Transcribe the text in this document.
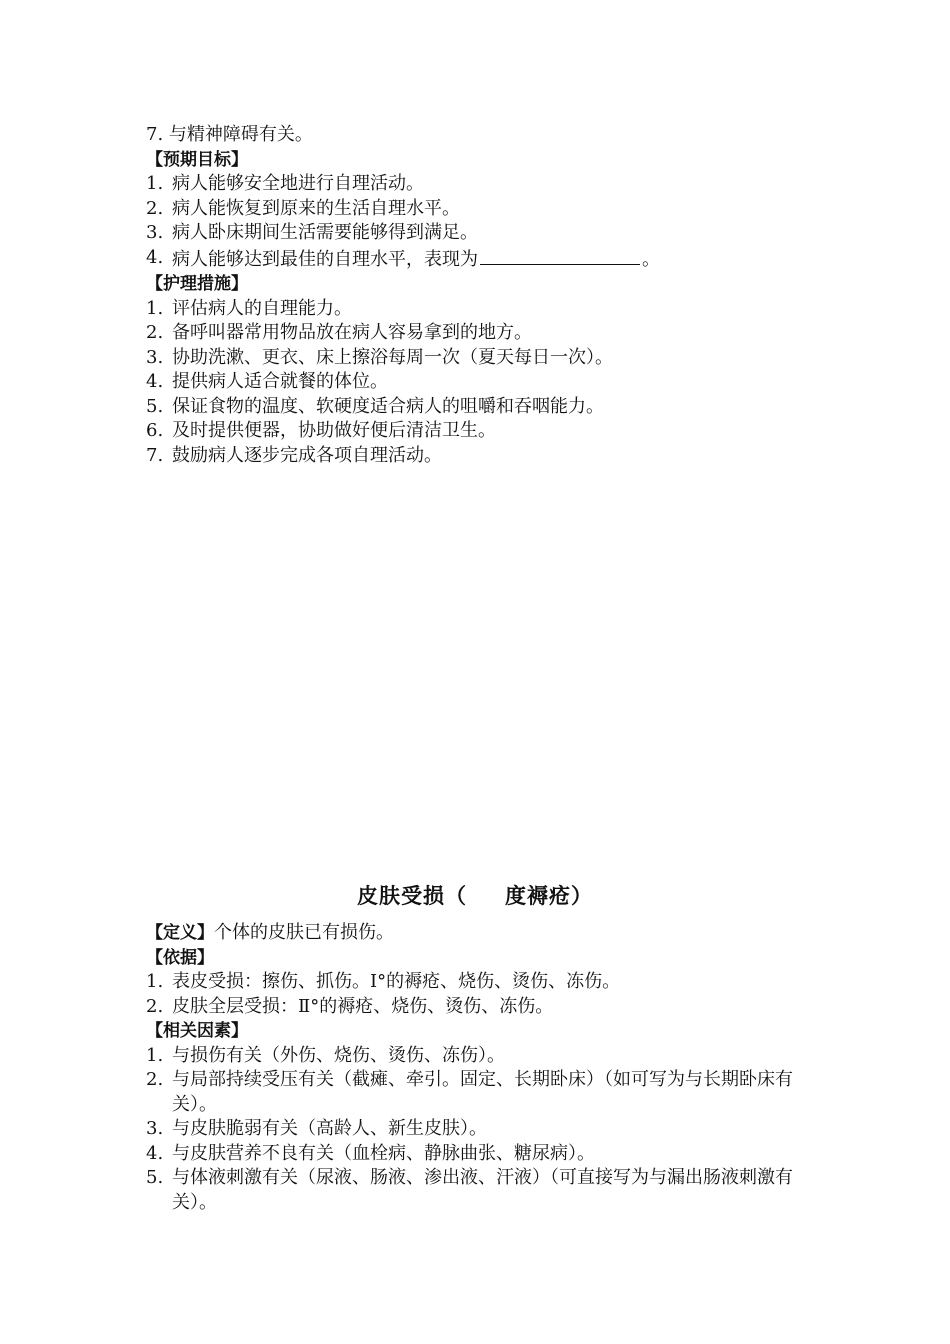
7. 与精神障碍有关。
【预期目标】
1. 病人能够安全地进行自理活动。
2. 病人能恢复到原来的生活自理水平。
3. 病人卧床期间生活需要能够得到满足。
4. 病人能够达到最佳的自理水平，表现为	。
【护理措施】
1. 评估病人的自理能力。
2. 备呼叫器常用物品放在病人容易拿到的地方。
3. 协助洗漱、更衣、床上擦浴每周一次（夏天每日一次）。
4. 提供病人适合就餐的体位。
5. 保证食物的温度、软硬度适合病人的咀嚼和吞咽能力。
6. 及时提供便器，协助做好便后清洁卫生。
7. 鼓励病人逐步完成各项自理活动。
皮肤受损（ 度褥疮）
【定义】个体的皮肤已有损伤。
【依据】
1. 表皮受损：擦伤、抓伤。Ⅰ°的褥疮、烧伤、烫伤、冻伤。
2. 皮肤全层受损：Ⅱ°的褥疮、烧伤、烫伤、冻伤。
【相关因素】
1. 与损伤有关（外伤、烧伤、烫伤、冻伤）。
2. 与局部持续受压有关（截瘫、牵引。固定、长期卧床）（如可写为与长期卧床有关）。
3. 与皮肤脆弱有关（高龄人、新生皮肤）。
4. 与皮肤营养不良有关（血栓病、静脉曲张、糖尿病）。
5. 与体液刺激有关（尿液、肠液、渗出液、汗液）（可直接写为与漏出肠液刺激有关）。
